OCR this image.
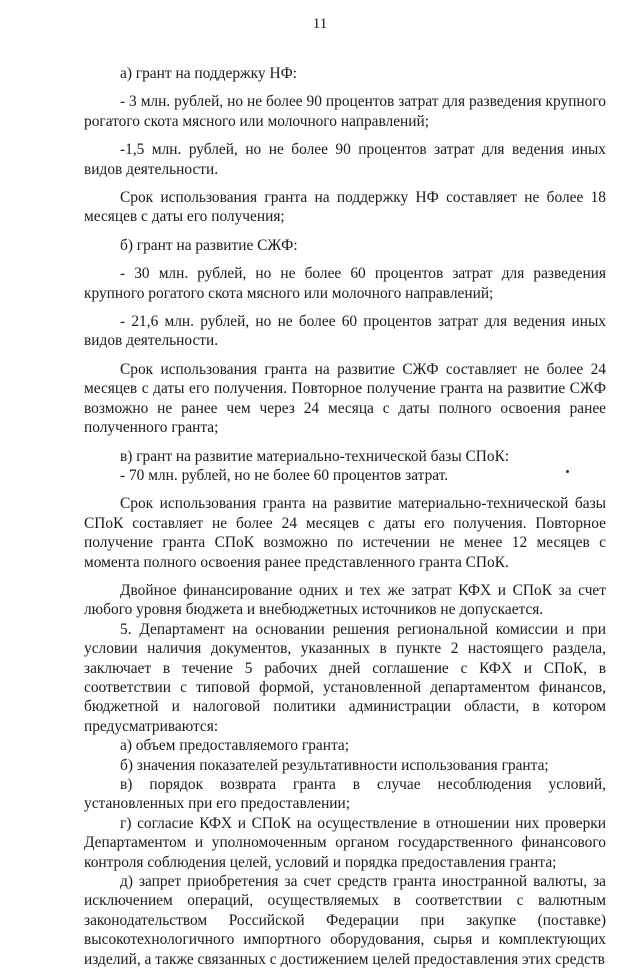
11

а) грант на поддержку НФ:

- 3 млн. рублей, но не более 90 процентов затрат для разведения крупного рогатого скота мясного или молочного направлений;

-1,5 млн. рублей, но не более 90 процентов затрат для ведения иных видов деятельности.

Срок использования гранта на поддержку НФ составляет не более 18 месяцев с даты его получения;

б) грант на развитие СЖФ:

- 30 млн. рублей, но не более 60 процентов затрат для разведения крупного рогатого скота мясного или молочного направлений;

- 21,6 млн. рублей, но не более 60 процентов затрат для ведения иных видов деятельности.

Срок использования гранта на развитие СЖФ составляет не более 24 месяцев с даты его получения. Повторное получение гранта на развитие СЖФ возможно не ранее чем через 24 месяца с даты полного освоения ранее полученного гранта;

в) грант на развитие материально-технической базы СПоК:

- 70 млн. рублей, но не более 60 процентов затрат.

Срок использования гранта на развитие материально-технической базы СПоК составляет не более 24 месяцев с даты его получения. Повторное получение гранта СПоК возможно по истечении не менее 12 месяцев с момента полного освоения ранее представленного гранта СПоК.

Двойное финансирование одних и тех же затрат КФХ и СПоК за счет любого уровня бюджета и внебюджетных источников не допускается.

5. Департамент на основании решения региональной комиссии и при условии наличия документов, указанных в пункте 2 настоящего раздела, заключает в течение 5 рабочих дней соглашение с КФХ и СПоК, в соответствии с типовой формой, установленной департаментом финансов, бюджетной и налоговой политики администрации области, в котором предусматриваются:

а) объем предоставляемого гранта;

б) значения показателей результативности использования гранта;

в) порядок возврата гранта в случае несоблюдения условий, установленных при его предоставлении;

г) согласие КФХ и СПоК на осуществление в отношении них проверки Департаментом и уполномоченным органом государственного финансового контроля соблюдения целей, условий и порядка предоставления гранта;

д) запрет приобретения за счет средств гранта иностранной валюты, за исключением операций, осуществляемых в соответствии с валютным законодательством Российской Федерации при закупке (поставке) высокотехнологичного импортного оборудования, сырья и комплектующих изделий, а также связанных с достижением целей предоставления этих средств
